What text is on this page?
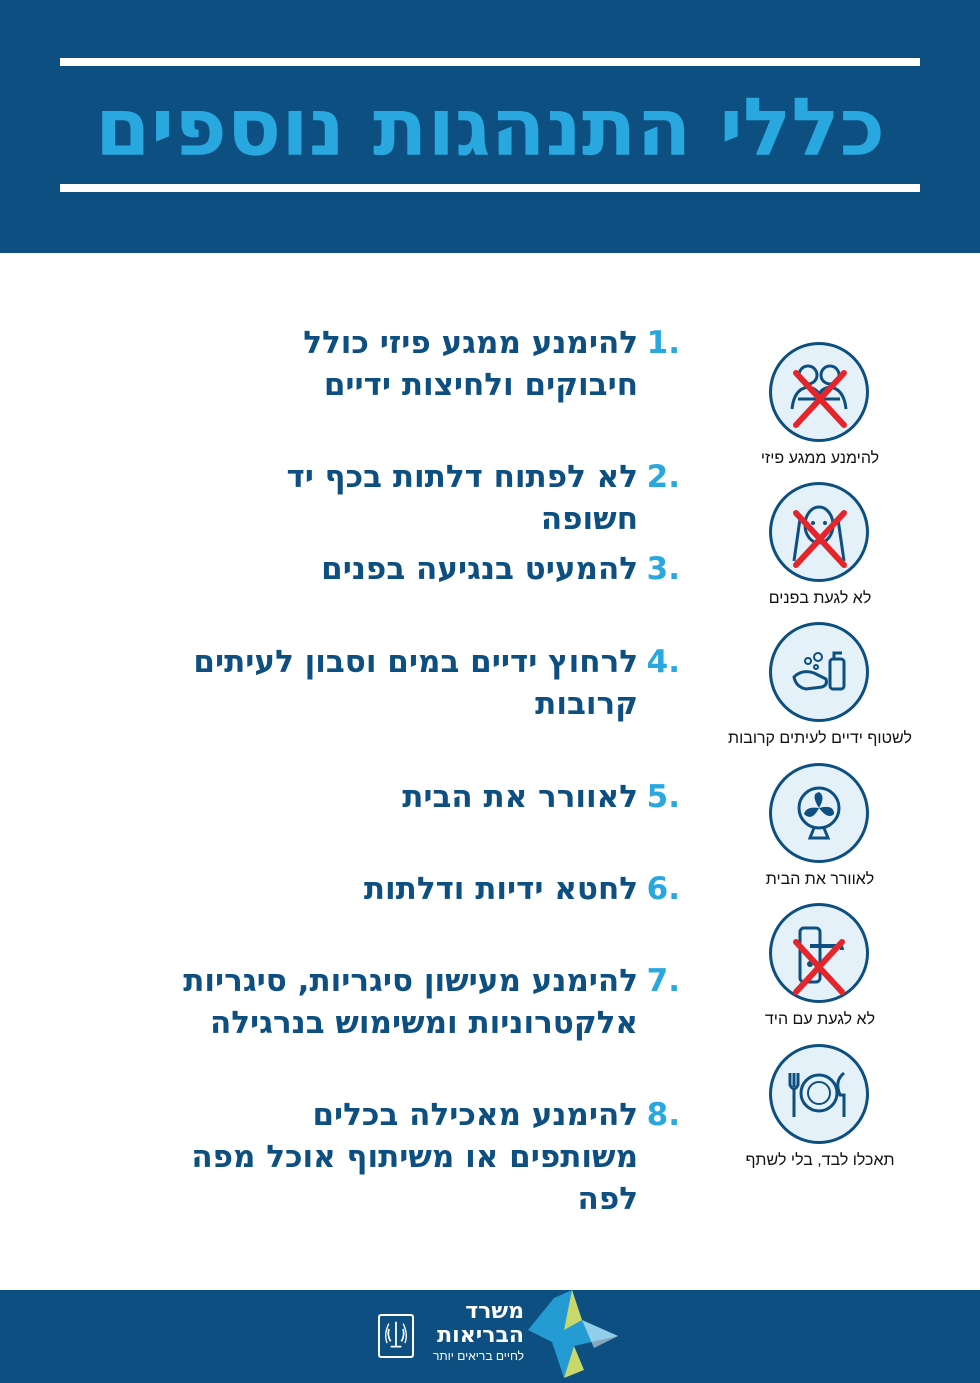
כללי התנהגות נוספים
1.
להימנע ממגע פיזי כולל חיבוקים ולחיצות ידיים
2.
לא לפתוח דלתות בכף יד חשופה
3.
להמעיט בנגיעה בפנים
4.
לרחוץ ידיים במים וסבון לעיתים קרובות
5.
לאוורר את הבית
6.
לחטא ידיות ודלתות
7.
להימנע מעישון סיגריות, סיגריות אלקטרוניות ומשימוש בנרגילה
8.
להימנע מאכילה בכלים משותפים או משיתוף אוכל מפה לפה
להימנע ממגע פיזי
לא לגעת בפנים
לשטוף ידיים לעיתים קרובות
לאוורר את הבית
לא לגעת עם היד
תאכלו לבד, בלי לשתף
משרד
הבריאות
לחיים בריאים יותר
